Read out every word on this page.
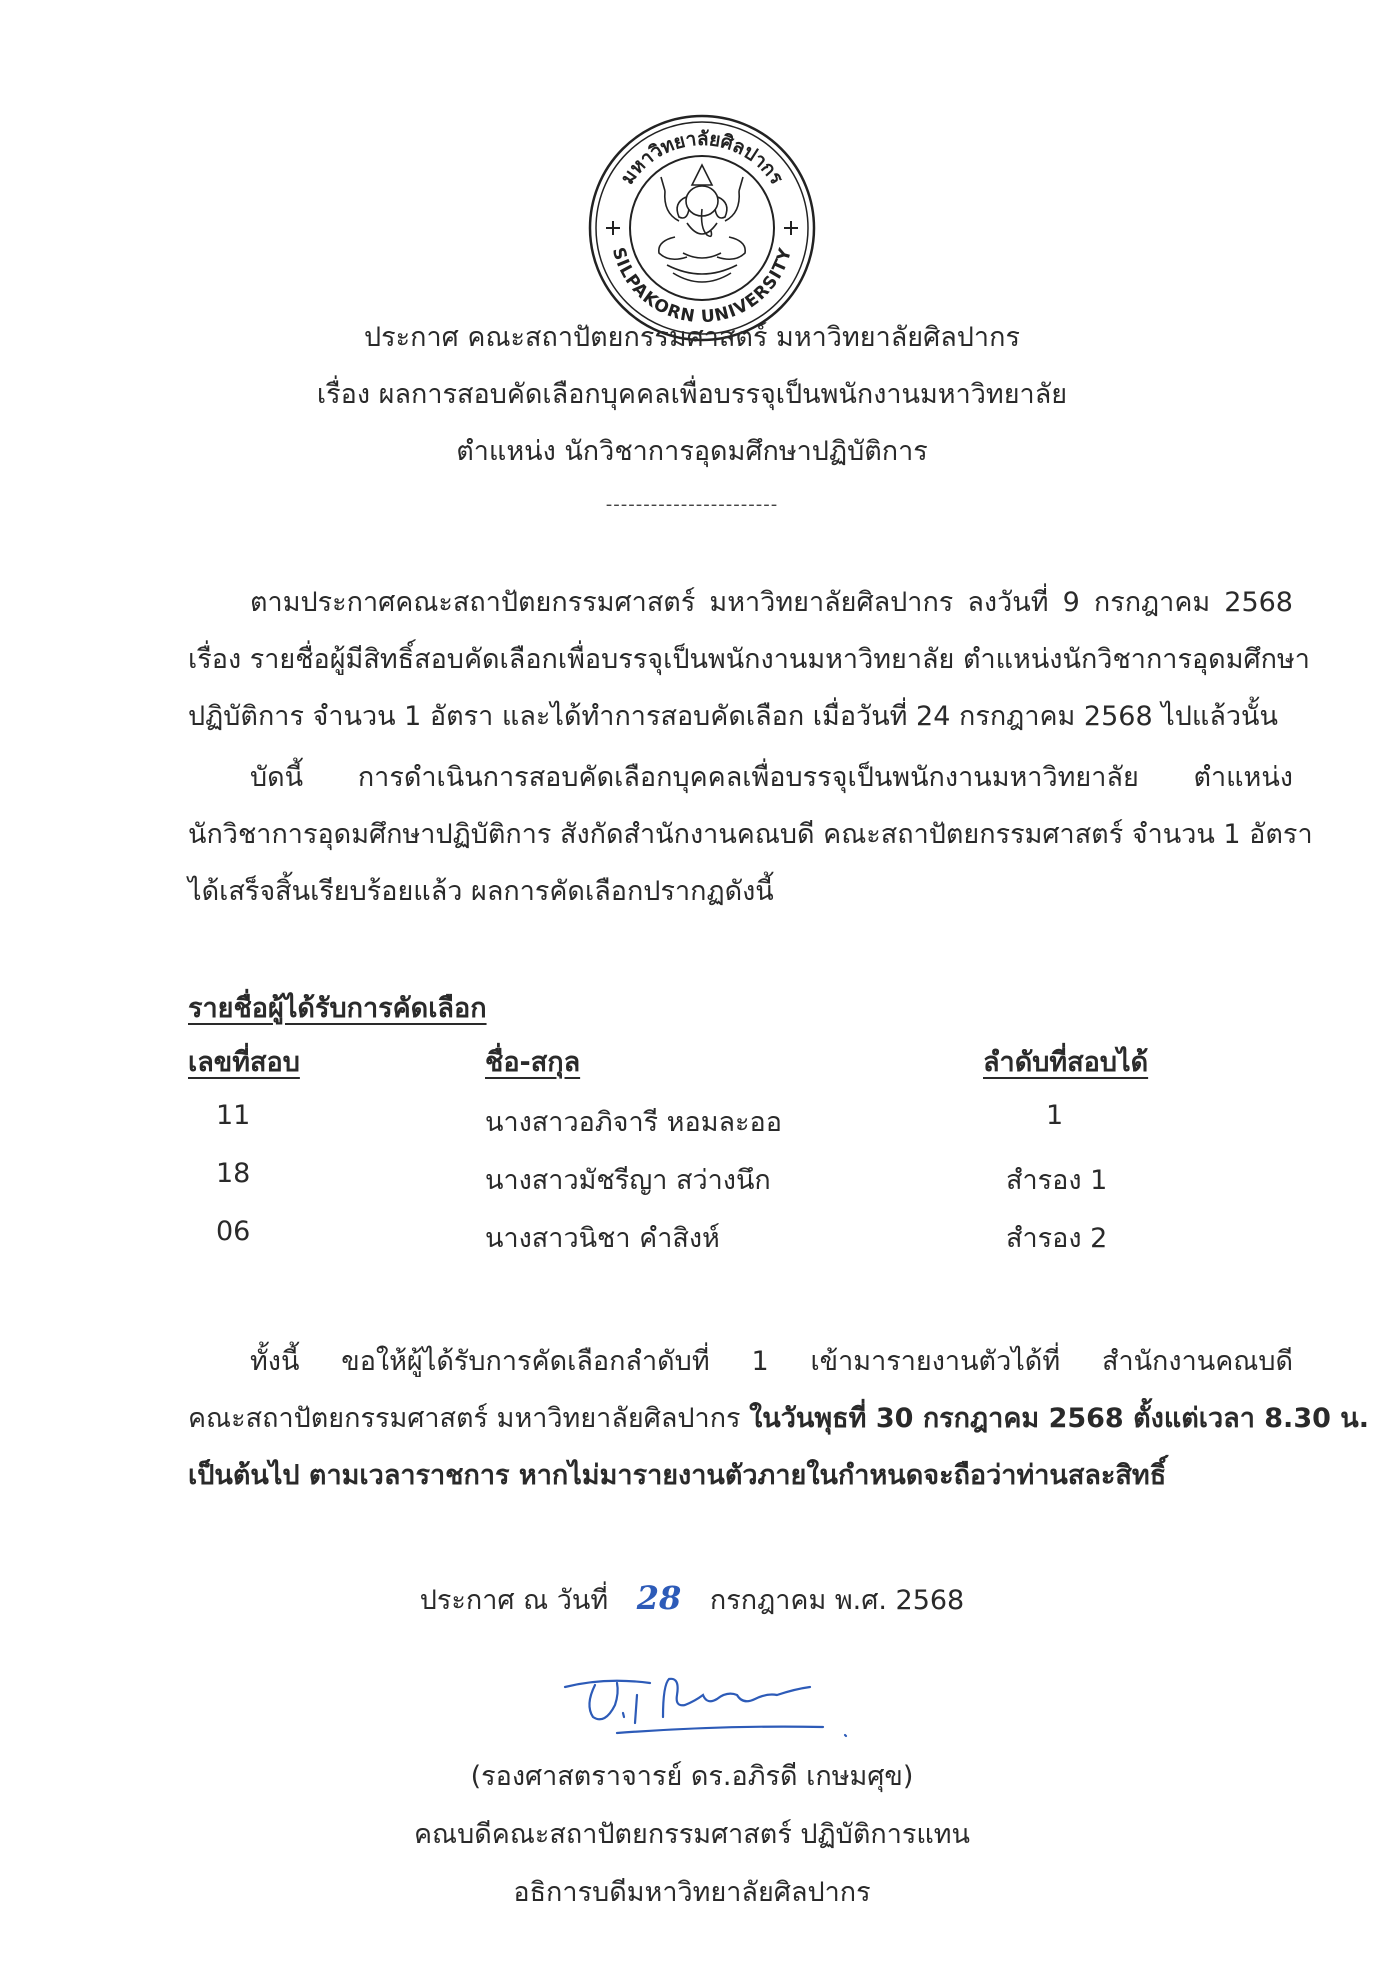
มหาวิทยาลัยศิลปากร
SILPAKORN UNIVERSITY
ประกาศ คณะสถาปัตยกรรมศาสตร์ มหาวิทยาลัยศิลปากร
เรื่อง ผลการสอบคัดเลือกบุคคลเพื่อบรรจุเป็นพนักงานมหาวิทยาลัย
ตำแหน่ง นักวิชาการอุดมศึกษาปฏิบัติการ
-----------------------
ตามประกาศคณะสถาปัตยกรรมศาสตร์ มหาวิทยาลัยศิลปากร ลงวันที่ 9 กรกฎาคม 2568
เรื่อง รายชื่อผู้มีสิทธิ์สอบคัดเลือกเพื่อบรรจุเป็นพนักงานมหาวิทยาลัย ตำแหน่งนักวิชาการอุดมศึกษา
ปฏิบัติการ จำนวน 1 อัตรา และได้ทำการสอบคัดเลือก เมื่อวันที่ 24 กรกฎาคม 2568 ไปแล้วนั้น
บัดนี้ การดำเนินการสอบคัดเลือกบุคคลเพื่อบรรจุเป็นพนักงานมหาวิทยาลัย ตำแหน่ง
นักวิชาการอุดมศึกษาปฏิบัติการ สังกัดสำนักงานคณบดี คณะสถาปัตยกรรมศาสตร์ จำนวน 1 อัตรา
ได้เสร็จสิ้นเรียบร้อยแล้ว ผลการคัดเลือกปรากฏดังนี้
รายชื่อผู้ได้รับการคัดเลือก
เลขที่สอบ	ชื่อ-สกุล	ลำดับที่สอบได้
11	นางสาวอภิจารี หอมละออ	1
18	นางสาวมัชรีญา สว่างนึก	สำรอง 1
06	นางสาวนิชา คำสิงห์	สำรอง 2
ทั้งนี้ ขอให้ผู้ได้รับการคัดเลือกลำดับที่ 1 เข้ามารายงานตัวได้ที่ สำนักงานคณบดี
คณะสถาปัตยกรรมศาสตร์ มหาวิทยาลัยศิลปากร ในวันพุธที่ 30 กรกฎาคม 2568 ตั้งแต่เวลา 8.30 น.
เป็นต้นไป ตามเวลาราชการ หากไม่มารายงานตัวภายในกำหนดจะถือว่าท่านสละสิทธิ์
ประกาศ ณ วันที่ 28 กรกฎาคม พ.ศ. 2568
(รองศาสตราจารย์ ดร.อภิรดี เกษมศุข)
คณบดีคณะสถาปัตยกรรมศาสตร์ ปฏิบัติการแทน
อธิการบดีมหาวิทยาลัยศิลปากร
